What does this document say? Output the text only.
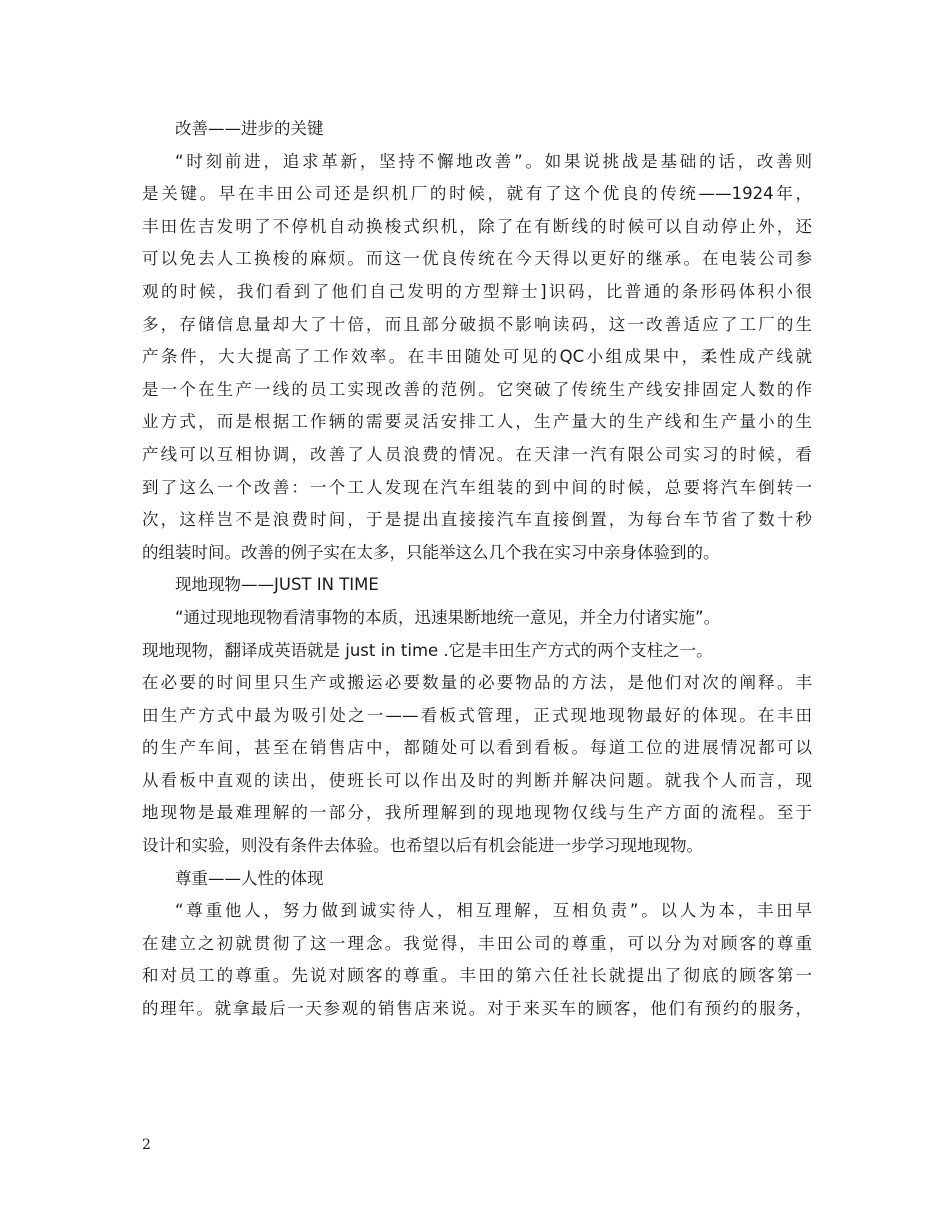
改善——进步的关键
“时刻前进，追求革新，坚持不懈地改善”。如果说挑战是基础的话，改善则
是关键。早在丰田公司还是织机厂的时候，就有了这个优良的传统——1924年，
丰田佐吉发明了不停机自动换梭式织机，除了在有断线的时候可以自动停止外，还
可以免去人工换梭的麻烦。而这一优良传统在今天得以更好的继承。在电装公司参
观的时候，我们看到了他们自己发明的方型辩士]识码，比普通的条形码体积小很
多，存储信息量却大了十倍，而且部分破损不影响读码，这一改善适应了工厂的生
产条件，大大提高了工作效率。在丰田随处可见的QC小组成果中，柔性成产线就
是一个在生产一线的员工实现改善的范例。它突破了传统生产线安排固定人数的作
业方式，而是根据工作辆的需要灵活安排工人，生产量大的生产线和生产量小的生
产线可以互相协调，改善了人员浪费的情况。在天津一汽有限公司实习的时候，看
到了这么一个改善：一个工人发现在汽车组装的到中间的时候，总要将汽车倒转一
次，这样岂不是浪费时间，于是提出直接接汽车直接倒置，为每台车节省了数十秒
的组装时间。改善的例子实在太多，只能举这么几个我在实习中亲身体验到的。
现地现物——JUST IN TIME
“通过现地现物看清事物的本质，迅速果断地统一意见，并全力付诸实施”。
现地现物，翻译成英语就是 just in time .它是丰田生产方式的两个支柱之一。
在必要的时间里只生产或搬运必要数量的必要物品的方法，是他们对次的阐释。丰
田生产方式中最为吸引处之一——看板式管理，正式现地现物最好的体现。在丰田
的生产车间，甚至在销售店中，都随处可以看到看板。每道工位的进展情况都可以
从看板中直观的读出，使班长可以作出及时的判断并解决问题。就我个人而言，现
地现物是最难理解的一部分，我所理解到的现地现物仅线与生产方面的流程。至于
设计和实验，则没有条件去体验。也希望以后有机会能进一步学习现地现物。
尊重——人性的体现
“尊重他人，努力做到诚实待人，相互理解，互相负责”。以人为本，丰田早
在建立之初就贯彻了这一理念。我觉得，丰田公司的尊重，可以分为对顾客的尊重
和对员工的尊重。先说对顾客的尊重。丰田的第六任社长就提出了彻底的顾客第一
的理年。就拿最后一天参观的销售店来说。对于来买车的顾客，他们有预约的服务，
2
